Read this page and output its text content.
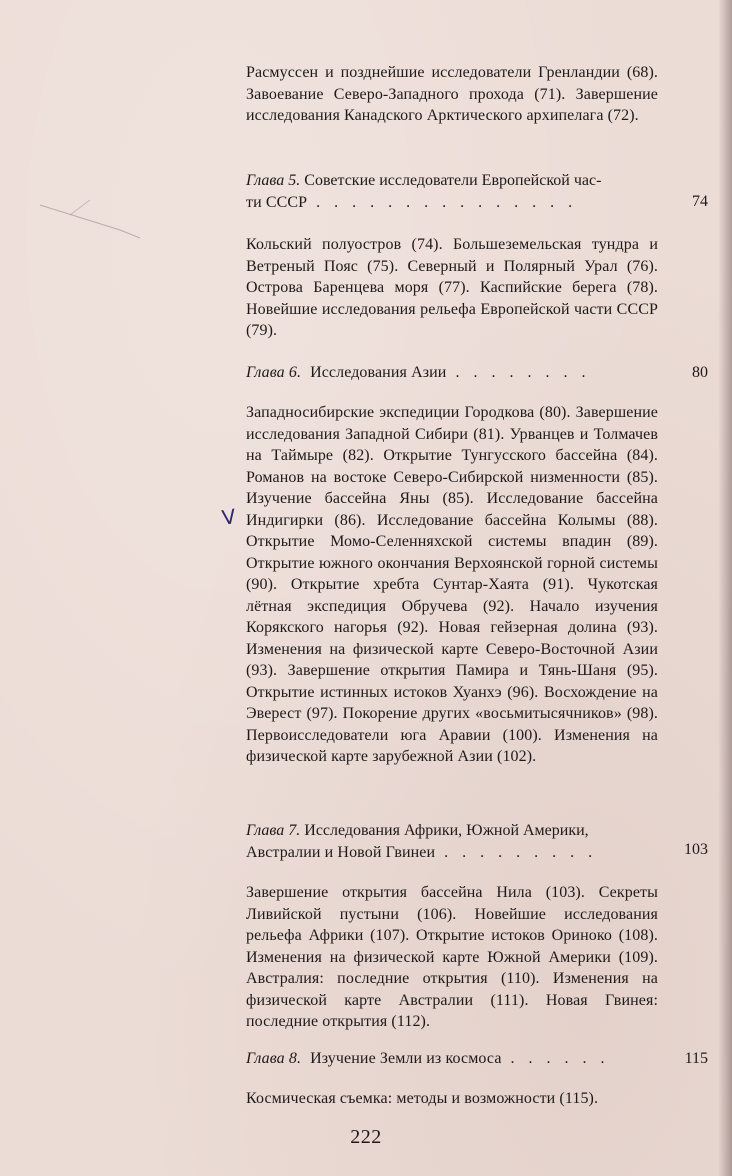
Расмуссен и позднейшие исследователи Гренландии (68). Завоевание Северо-Западного прохода (71). Завершение исследования Канадского Арктического архипелага (72).

Глава 5. Советские исследователи Европейской час-
ти СССР . . . . . . . . . . . . . . .	74

Кольский полуостров (74). Большеземельская тундра и Ветреный Пояс (75). Северный и Полярный Урал (76). Острова Баренцева моря (77). Каспийские берега (78). Новейшие исследования рельефа Европейской части СССР (79).

Глава 6. Исследования Азии . . . . . . . .	80

Западносибирские экспедиции Городкова (80). Завершение исследования Западной Сибири (81). Урванцев и Толмачев на Таймыре (82). Открытие Тунгусского бассейна (84). Романов на востоке Северо-Сибирской низменности (85). Изучение бассейна Яны (85). Исследование бассейна Индигирки (86). Исследование бассейна Колымы (88). Открытие Момо-Селенняхской системы впадин (89). Открытие южного окончания Верхоянской горной системы (90). Открытие хребта Сунтар-Хаята (91). Чукотская лётная экспедиция Обручева (92). Начало изучения Корякского нагорья (92). Новая гейзерная долина (93). Изменения на физической карте Северо-Восточной Азии (93). Завершение открытия Памира и Тянь-Шаня (95). Открытие истинных истоков Хуанхэ (96). Восхождение на Эверест (97). Покорение других «восьмитысячников» (98). Первоисследователи юга Аравии (100). Изменения на физической карте зарубежной Азии (102).

V
Глава 7. Исследования Африки, Южной Америки,
Австралии и Новой Гвинеи . . . . . . . . .	103

Завершение открытия бассейна Нила (103). Секреты Ливийской пустыни (106). Новейшие исследования рельефа Африки (107). Открытие истоков Ориноко (108). Изменения на физической карте Южной Америки (109). Австралия: последние открытия (110). Изменения на физической карте Австралии (111). Новая Гвинея: последние открытия (112).

Глава 8. Изучение Земли из космоса . . . . . .	115

Космическая съемка: методы и возможности (115).

222
